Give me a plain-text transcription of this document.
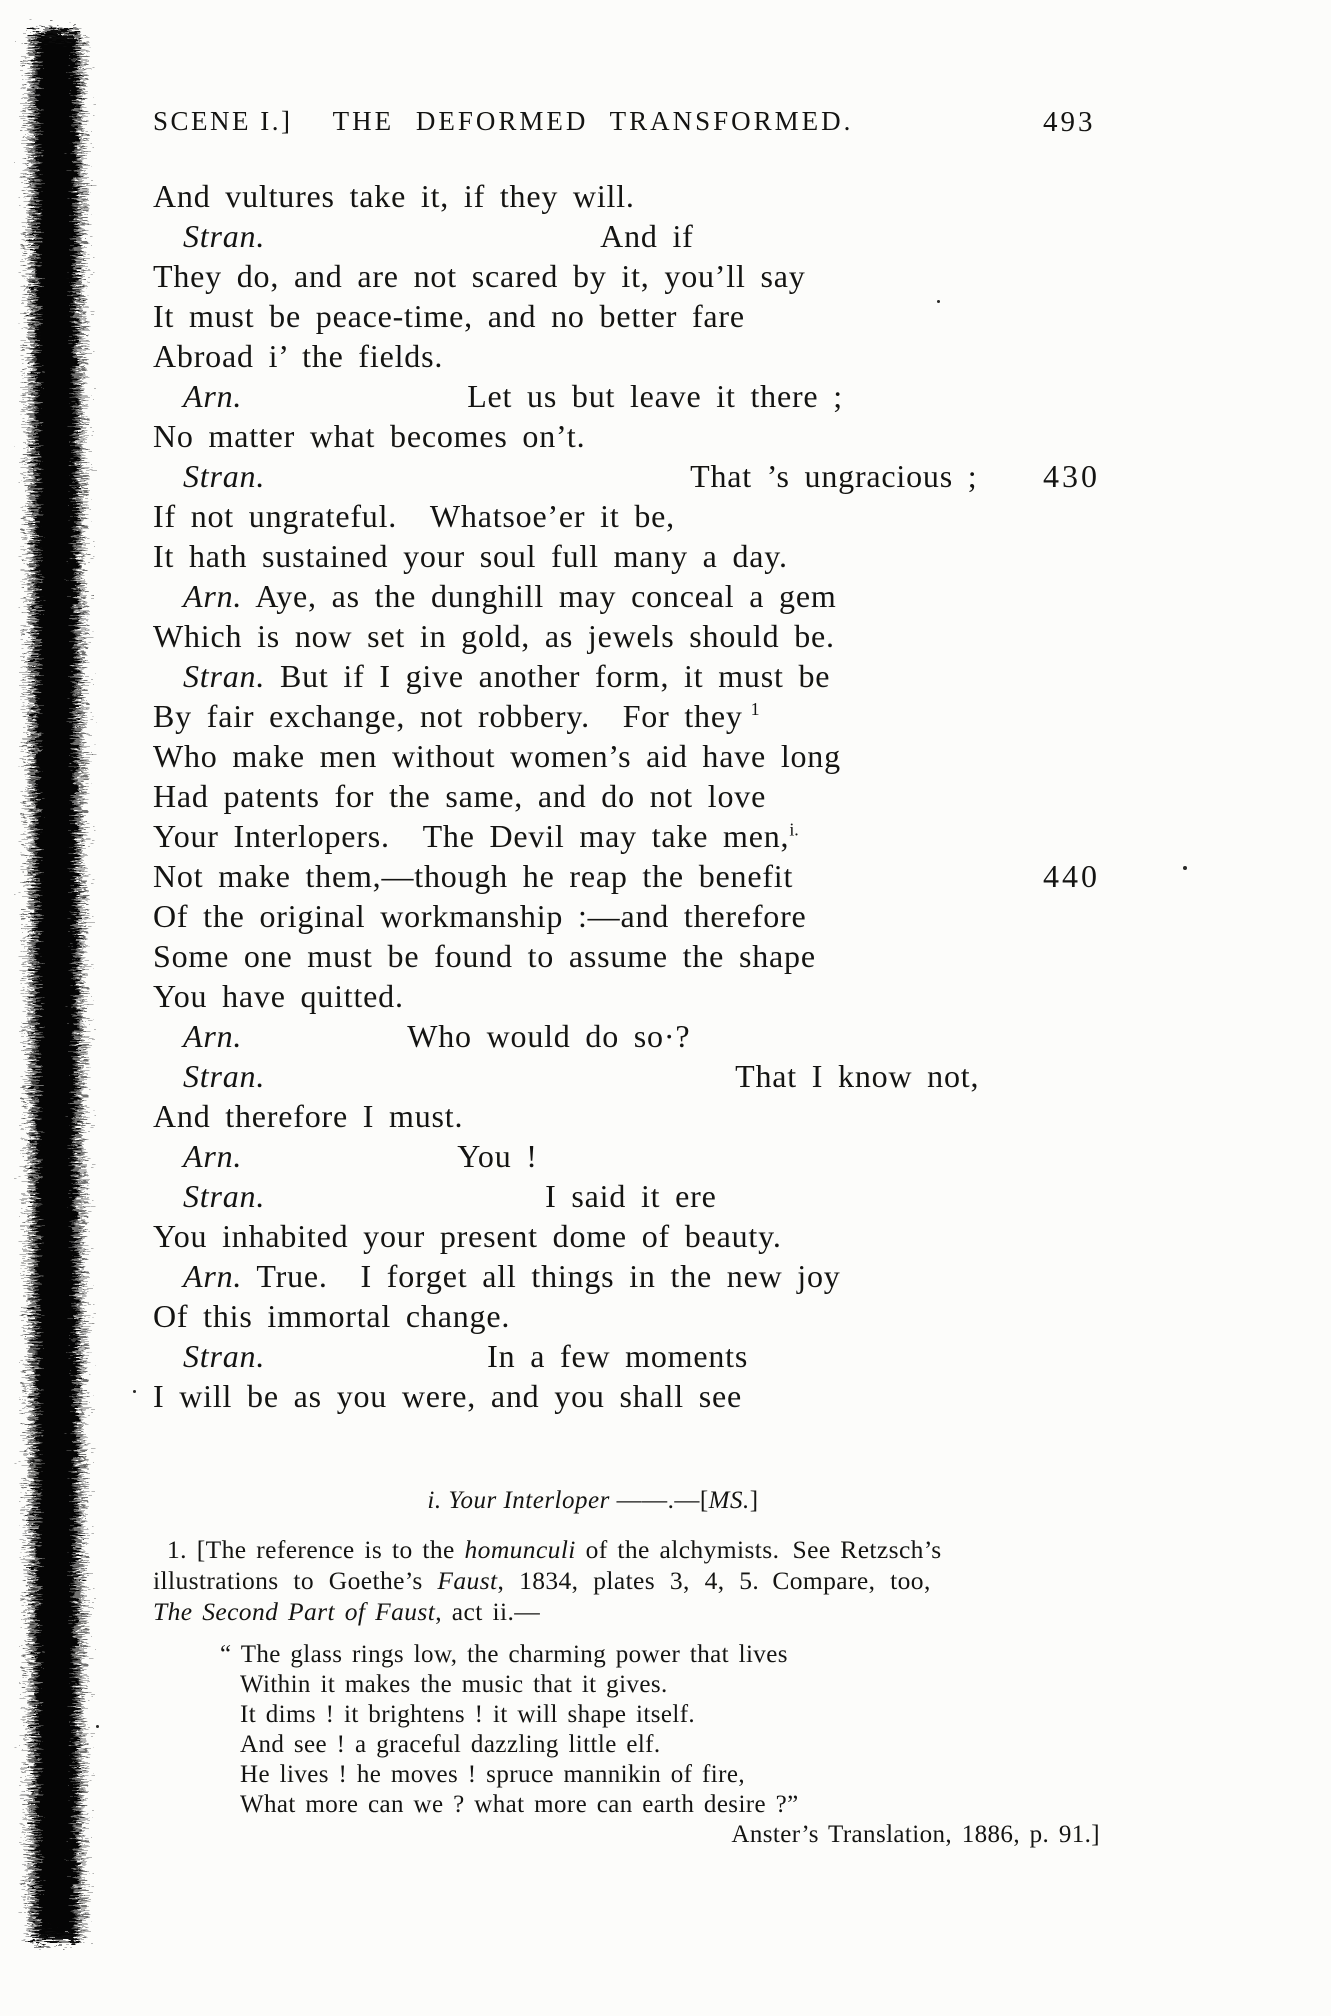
SCENE I.]	THE DEFORMED TRANSFORMED.	493
And vultures take it, if they will.
Stran.	And if
They do, and are not scared by it, you’ll say
It must be peace-time, and no better fare
Abroad i’ the fields.
Arn.	Let us but leave it there ;
No matter what becomes on’t.
Stran.	That ’s ungracious ; 430
If not ungrateful. Whatsoe’er it be,
It hath sustained your soul full many a day.
Arn. Aye, as the dunghill may conceal a gem
Which is now set in gold, as jewels should be.
Stran. But if I give another form, it must be
By fair exchange, not robbery. For they $^1$
Who make men without women’s aid have long
Had patents for the same, and do not love
Your Interlopers. The Devil may take men,$^{i.}$
Not make them,—though he reap the benefit	440
Of the original workmanship :—and therefore
Some one must be found to assume the shape
You have quitted.
Arn.	Who would do so·?
Stran.	That I know not,
And therefore I must.
Arn.	You !
Stran.	I said it ere
You inhabited your present dome of beauty.
Arn. True. I forget all things in the new joy
Of this immortal change.
Stran.	In a few moments
I will be as you were, and you shall see
i. Your Interloper ——.—[MS.]
1. [The reference is to the homunculi of the alchymists. See Retzsch’s
illustrations to Goethe’s Faust, 1834, plates 3, 4, 5. Compare, too,
The Second Part of Faust, act ii.—
“ The glass rings low, the charming power that lives
Within it makes the music that it gives.
It dims ! it brightens ! it will shape itself.
And see ! a graceful dazzling little elf.
He lives ! he moves ! spruce mannikin of fire,
What more can we ? what more can earth desire ?”
Anster’s Translation, 1886, p. 91.]
